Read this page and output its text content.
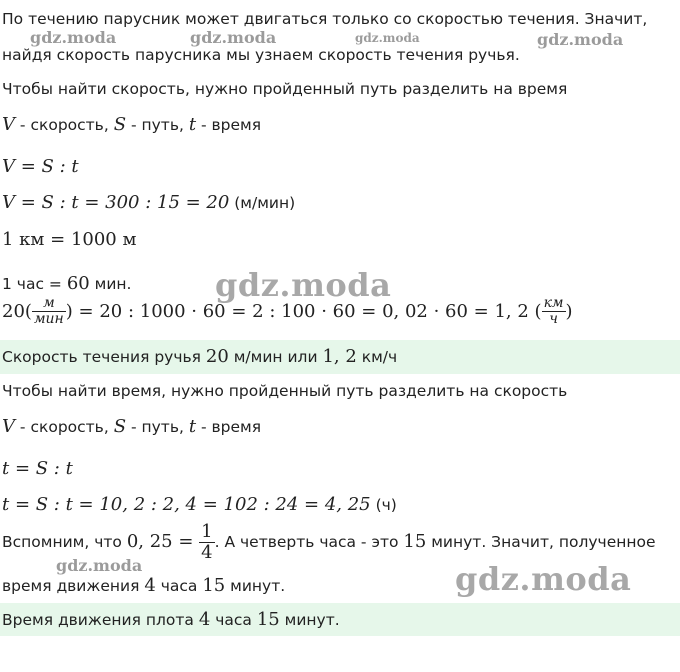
По течению парусник может двигаться только со скоростью течения. Значит,
найдя скорость парусника мы узнаем скорость течения ручья.
Чтобы найти скорость, нужно пройденный путь разделить на время
V - скорость, S - путь, t - время
V = S : t
V = S : t = 300 : 15 = 20 (м/мин)
1 км = 1000 м
1 час = 60 мин.
$20( \frac{м}{\text{мин}}$ ) = 20 : 1000 · 60 = 2 : 100 · 60 = 0, 02 · 60 = 1, 2 ( $\frac{км}{ч}$ )
Скорость течения ручья 20 м/мин или 1, 2 км/ч
Чтобы найти время, нужно пройденный путь разделить на скорость
V - скорость, S - путь, t - время
t = S : t
t = S : t = 10, 2 : 2, 4 = 102 : 24 = 4, 25 (ч)
Вспомним, что 0, $25 = \frac{1}{4}$ . А четверть часа - это 15 минут. Значит, полученное
время движения 4 часа 15 минут.
Время движения плота 4 часа 15 минут.
gdz.moda	gdz.moda	gdz.moda	gdz.moda
gdz.moda
gdz.moda	gdz.moda
